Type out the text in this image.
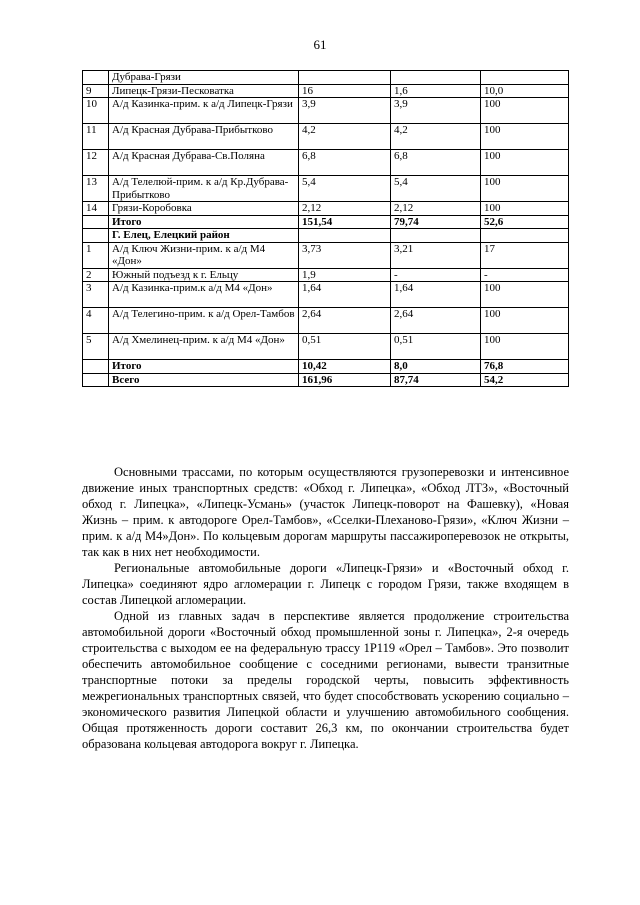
61
	Дубрава-Грязи			
9	Липецк-Грязи-Песковатка	16	1,6	10,0
10	А/д Казинка-прим. к а/д Липецк-Грязи	3,9	3,9	100
11	А/д Красная Дубрава-Прибытково	4,2	4,2	100
12	А/д Красная Дубрава-Св.Поляна	6,8	6,8	100
13	А/д Телелюй-прим. к а/д Кр.Дубрава-Прибытково	5,4	5,4	100
14	Грязи-Коробовка	2,12	2,12	100
	Итого	151,54	79,74	52,6
	Г. Елец, Елецкий район			
1	А/д Ключ Жизни-прим. к а/д М4 «Дон»	3,73	3,21	17
2	Южный подъезд к г. Ельцу	1,9	-	-
3	А/д Казинка-прим.к а/д М4 «Дон»	1,64	1,64	100
4	А/д Телегино-прим. к а/д Орел-Тамбов	2,64	2,64	100
5	А/д Хмелинец-прим. к а/д М4 «Дон»	0,51	0,51	100
	Итого	10,42	8,0	76,8
	Всего	161,96	87,74	54,2

Основными трассами, по которым осуществляются грузоперевозки и интенсивное движение иных транспортных средств: «Обход г. Липецка», «Обход ЛТЗ», «Восточный обход г. Липецка», «Липецк-Усмань» (участок Липецк-поворот на Фашевку), «Новая Жизнь – прим. к автодороге Орел-Тамбов», «Сселки-Плеханово-Грязи», «Ключ Жизни – прим. к а/д М4»Дон». По кольцевым дорогам маршруты пассажироперевозок не открыты, так как в них нет необходимости.

Региональные автомобильные дороги «Липецк-Грязи» и «Восточный обход г. Липецка» соединяют ядро агломерации г. Липецк с городом Грязи, также входящем в состав Липецкой агломерации.

Одной из главных задач в перспективе является продолжение строительства автомобильной дороги «Восточный обход промышленной зоны г. Липецка», 2-я очередь строительства с выходом ее на федеральную трассу 1Р119 «Орел – Тамбов». Это позволит обеспечить автомобильное сообщение с соседними регионами, вывести транзитные транспортные потоки за пределы городской черты, повысить эффективность межрегиональных транспортных связей, что будет способствовать ускорению социально – экономического развития Липецкой области и улучшению автомобильного сообщения. Общая протяженность дороги составит 26,3 км, по окончании строительства будет образована кольцевая автодорога вокруг г. Липецка.
